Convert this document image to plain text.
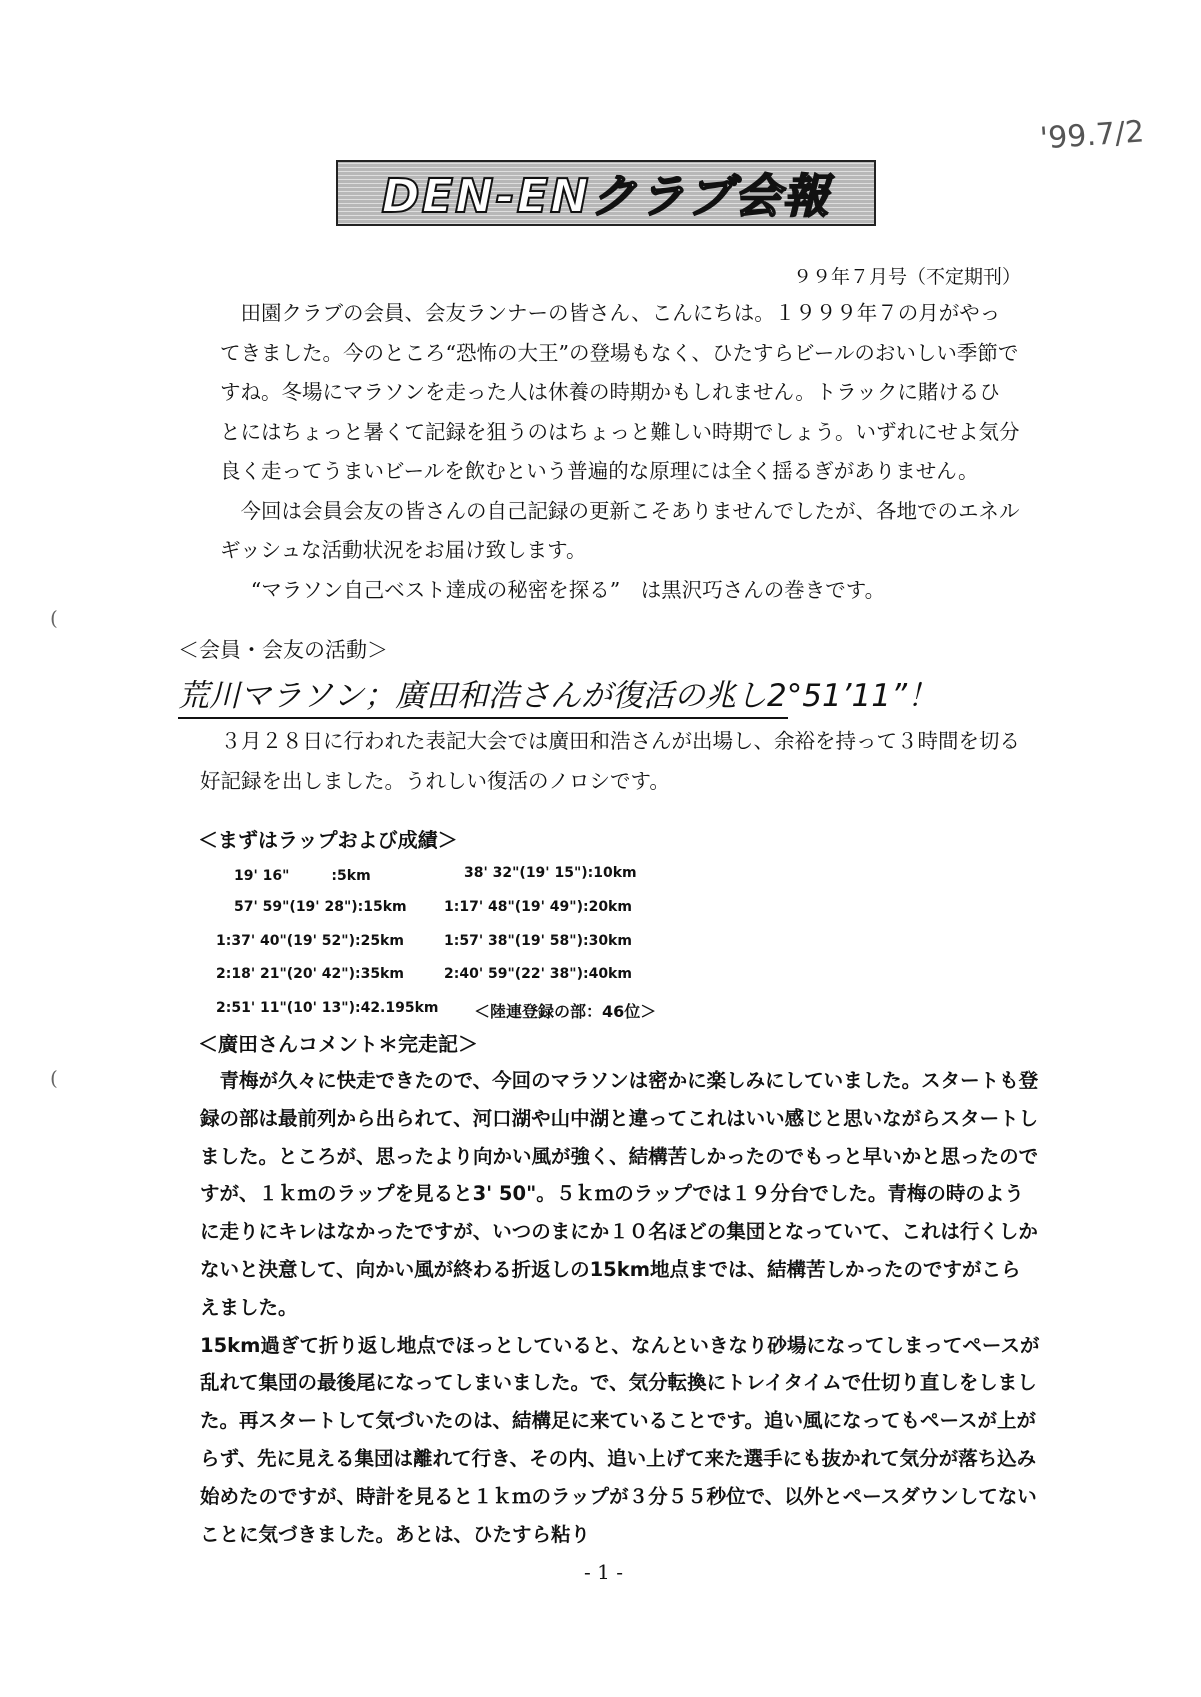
'99.7/2
DEN-ENクラブ会報
９９年７月号（不定期刊）
田園クラブの会員、会友ランナーの皆さん、こんにちは。１９９９年７の月がやってきました。今のところ“恐怖の大王”の登場もなく、ひたすらビールのおいしい季節ですね。冬場にマラソンを走った人は休養の時期かもしれません。トラックに賭けるひとにはちょっと暑くて記録を狙うのはちょっと難しい時期でしょう。いずれにせよ気分良く走ってうまいビールを飲むという普遍的な原理には全く揺るぎがありません。
今回は会員会友の皆さんの自己記録の更新こそありませんでしたが、各地でのエネルギッシュな活動状況をお届け致します。
“マラソン自己ベスト達成の秘密を探る”　は黒沢巧さんの巻きです。
(
(
＜会員・会友の活動＞
荒川マラソン；廣田和浩さんが復活の兆し2°51’11”！
３月２８日に行われた表記大会では廣田和浩さんが出場し、余裕を持って３時間を切る好記録を出しました。うれしい復活のノロシです。
＜まずはラップおよび成績＞
19' 16"　　　:5km	38' 32"(19' 15"):10km
57' 59"(19' 28"):15km	1:17' 48"(19' 49"):20km
1:37' 40"(19' 52"):25km	1:57' 38"(19' 58"):30km
2:18' 21"(20' 42"):35km	2:40' 59"(22' 38"):40km
2:51' 11"(10' 13"):42.195km ＜陸連登録の部：46位＞
＜廣田さんコメント＊完走記＞

青梅が久々に快走できたので、今回のマラソンは密かに楽しみにしていました。スタートも登録の部は最前列から出られて、河口湖や山中湖と違ってこれはいい感じと思いながらスタートしました。ところが、思ったより向かい風が強く、結構苦しかったのでもっと早いかと思ったのですが、１ｋｍのラップを見ると3' 50"。５ｋｍのラップでは１９分台でした。青梅の時のように走りにキレはなかったですが、いつのまにか１０名ほどの集団となっていて、これは行くしかないと決意して、向かい風が終わる折返しの15km地点までは、結構苦しかったのですがこらえました。

15km過ぎて折り返し地点でほっとしていると、なんといきなり砂場になってしまってペースが乱れて集団の最後尾になってしまいました。で、気分転換にトレイタイムで仕切り直しをしました。再スタートして気づいたのは、結構足に来ていることです。追い風になってもペースが上がらず、先に見える集団は離れて行き、その内、追い上げて来た選手にも抜かれて気分が落ち込み始めたのですが、時計を見ると１ｋｍのラップが３分５５秒位で、以外とペースダウンしてないことに気づきました。あとは、ひたすら粘り

- 1 -
